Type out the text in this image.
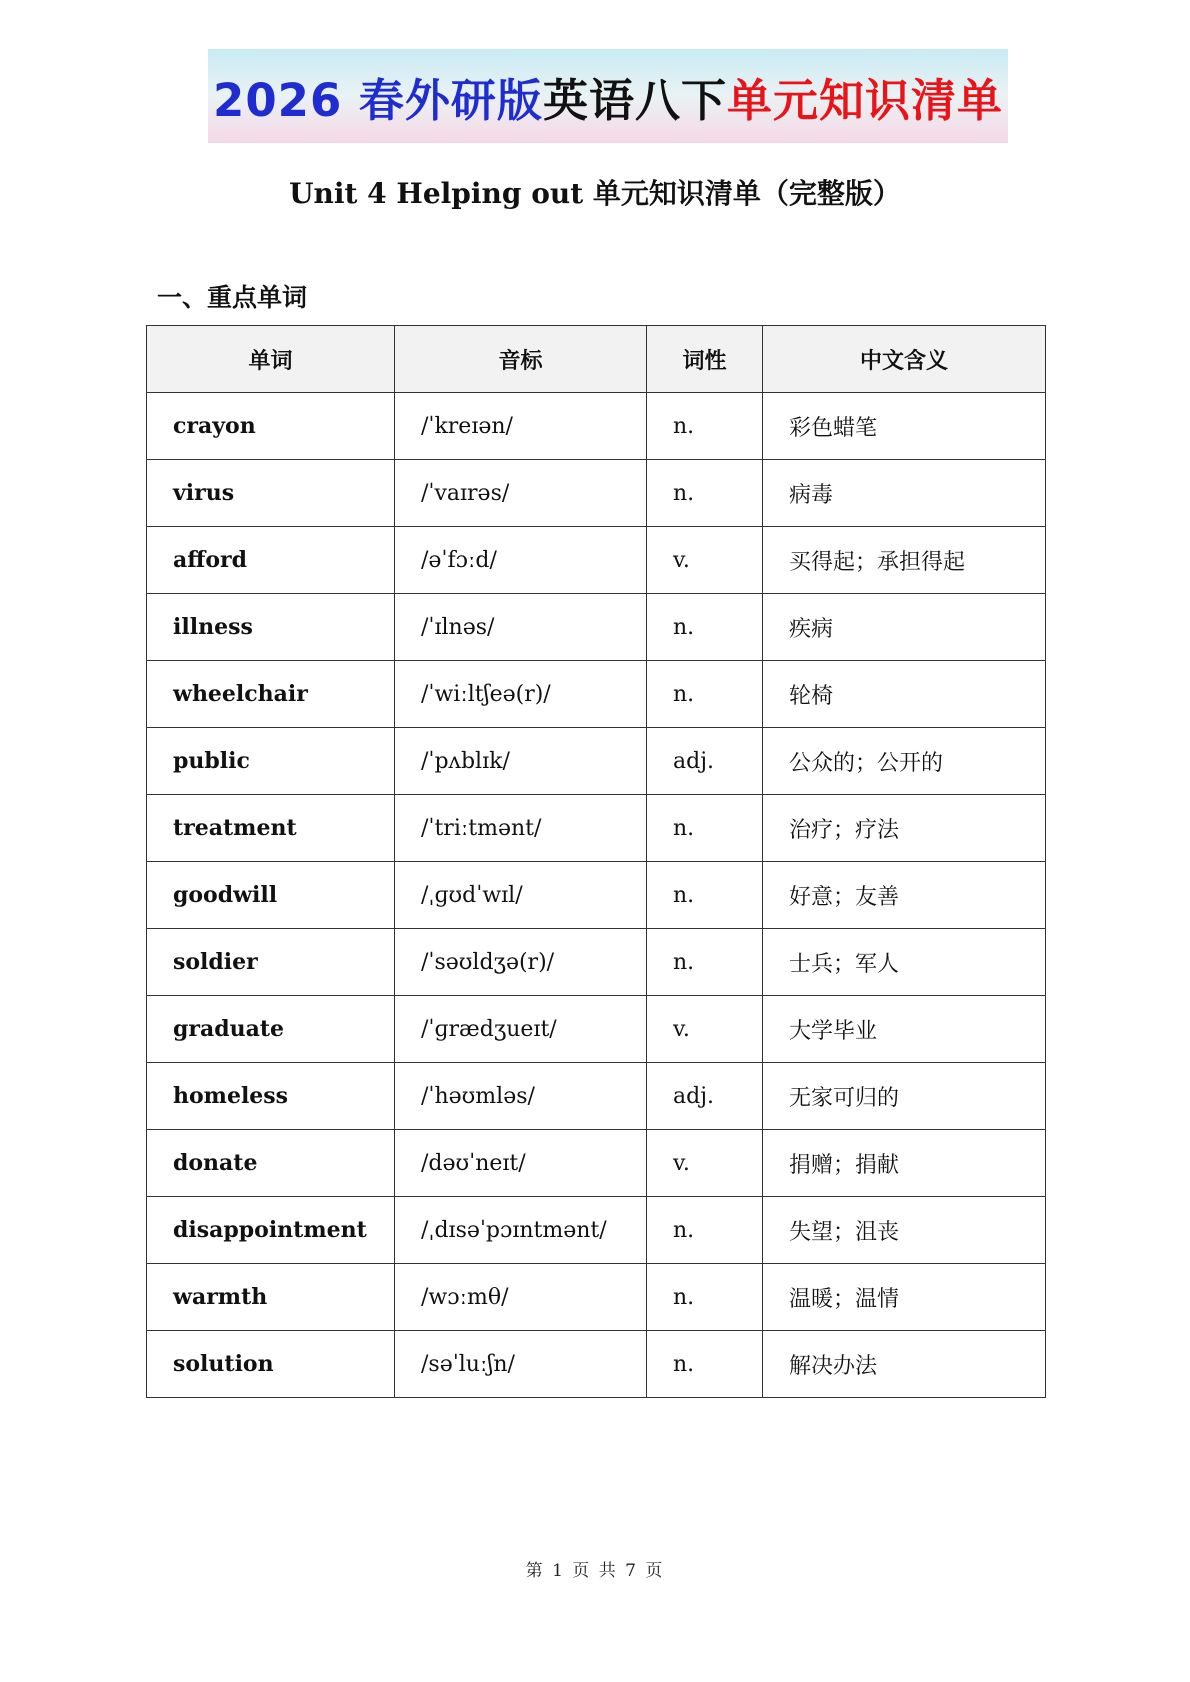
2026 春外研版 英语八下 单元知识清单
Unit 4 Helping out 单元知识清单（完整版）
一、重点单词
单词	音标	词性	中文含义
crayon	/ˈkreɪən/	n.	彩色蜡笔
virus	/ˈvaɪrəs/	n.	病毒
afford	/əˈfɔːd/	v.	买得起；承担得起
illness	/ˈɪlnəs/	n.	疾病
wheelchair	/ˈwiːltʃeə(r)/	n.	轮椅
public	/ˈpʌblɪk/	adj.	公众的；公开的
treatment	/ˈtriːtmənt/	n.	治疗；疗法
goodwill	/ˌɡʊdˈwɪl/	n.	好意；友善
soldier	/ˈsəʊldʒə(r)/	n.	士兵；军人
graduate	/ˈɡrædʒueɪt/	v.	大学毕业
homeless	/ˈhəʊmləs/	adj.	无家可归的
donate	/dəʊˈneɪt/	v.	捐赠；捐献
disappointment	/ˌdɪsəˈpɔɪntmənt/	n.	失望；沮丧
warmth	/wɔːmθ/	n.	温暖；温情
solution	/səˈluːʃn/	n.	解决办法
第 1 页 共 7 页
